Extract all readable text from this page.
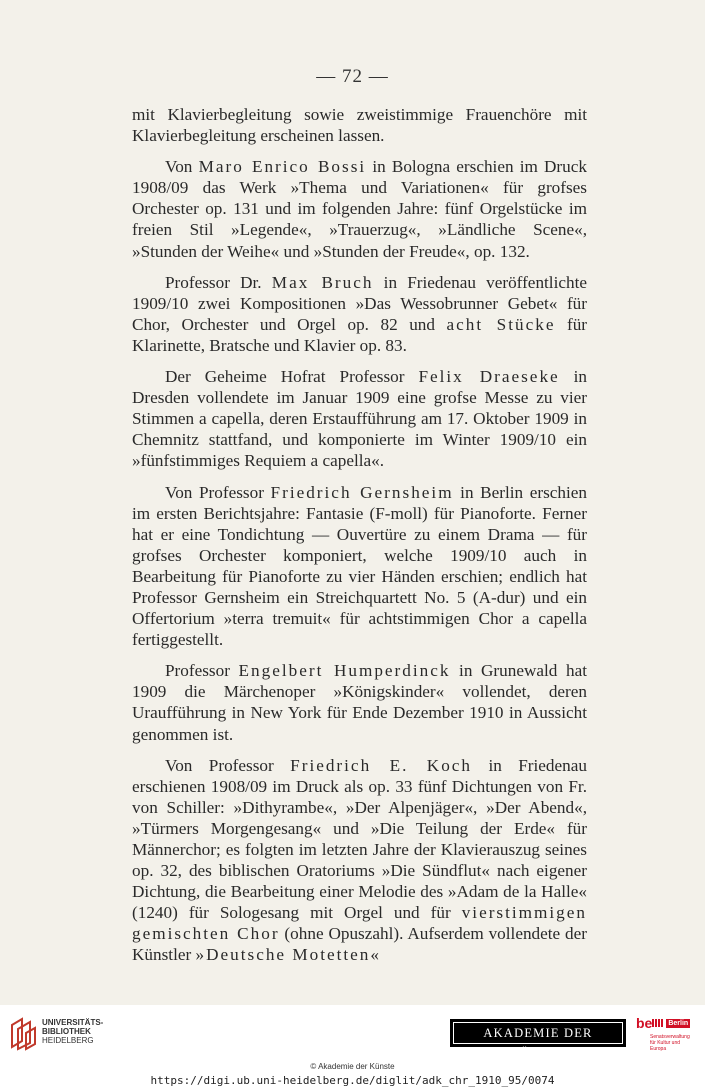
— 72 —

mit Klavierbegleitung sowie zweistimmige Frauenchöre mit Klavierbegleitung erscheinen lassen.

Von Maro Enrico Bossi in Bologna erschien im Druck 1908/09 das Werk »Thema und Variationen« für grofses Orchester op. 131 und im folgenden Jahre: fünf Orgelstücke im freien Stil »Legende«, »Trauerzug«, »Ländliche Scene«, »Stunden der Weihe« und »Stunden der Freude«, op. 132.

Professor Dr. Max Bruch in Friedenau veröffentlichte 1909/10 zwei Kompositionen »Das Wessobrunner Gebet« für Chor, Orchester und Orgel op. 82 und acht Stücke für Klarinette, Bratsche und Klavier op. 83.

Der Geheime Hofrat Professor Felix Draeseke in Dresden vollendete im Januar 1909 eine grofse Messe zu vier Stimmen a capella, deren Erstaufführung am 17. Oktober 1909 in Chemnitz stattfand, und komponierte im Winter 1909/10 ein »fünfstimmiges Requiem a capella«.

Von Professor Friedrich Gernsheim in Berlin erschien im ersten Berichtsjahre: Fantasie (F-moll) für Pianoforte. Ferner hat er eine Tondichtung — Ouvertüre zu einem Drama — für grofses Orchester komponiert, welche 1909/10 auch in Bearbeitung für Pianoforte zu vier Händen erschien; endlich hat Professor Gernsheim ein Streichquartett No. 5 (A-dur) und ein Offertorium »terra tremuit« für achtstimmigen Chor a capella fertiggestellt.

Professor Engelbert Humperdinck in Grunewald hat 1909 die Märchenoper »Königskinder« vollendet, deren Uraufführung in New York für Ende Dezember 1910 in Aussicht genommen ist.

Von Professor Friedrich E. Koch in Friedenau erschienen 1908/09 im Druck als op. 33 fünf Dichtungen von Fr. von Schiller: »Dithyrambe«, »Der Alpenjäger«, »Der Abend«, »Türmers Morgengesang« und »Die Teilung der Erde« für Männerchor; es folgten im letzten Jahre der Klavierauszug seines op. 32, des biblischen Oratoriums »Die Sündflut« nach eigener Dichtung, die Bearbeitung einer Melodie des »Adam de la Halle« (1240) für Sologesang mit Orgel und für vierstimmigen gemischten Chor (ohne Opuszahl). Aufserdem vollendete der Künstler »Deutsche Motetten«

UNIVERSITÄTS-
BIBLIOTHEK
HEIDELBERG
AKADEMIE DER KÜNSTE
be Berlin
Senatsverwaltung
für Kultur und Europa
© Akademie der Künste
https://digi.ub.uni-heidelberg.de/diglit/adk_chr_1910_95/0074
